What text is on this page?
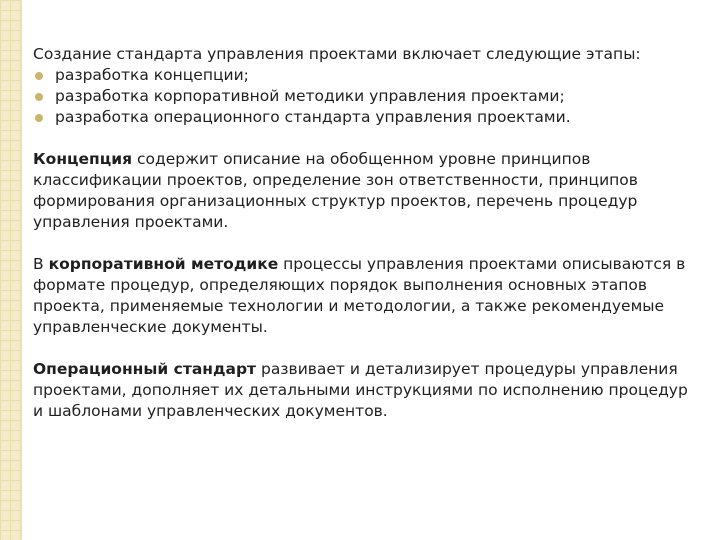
Создание стандарта управления проектами включает следующие этапы:

разработка концепции;
разработка корпоративной методики управления проектами;
разработка операционного стандарта управления проектами.

Концепция содержит описание на обобщенном уровне принципов классификации проектов, определение зон ответственности, принципов формирования организационных структур проектов, перечень процедур управления проектами.

В корпоративной методике процессы управления проектами описываются в формате процедур, определяющих порядок выполнения основных этапов проекта, применяемые технологии и методологии, а также рекомендуемые управленческие документы.

Операционный стандарт развивает и детализирует процедуры управления проектами, дополняет их детальными инструкциями по исполнению процедур и шаблонами управленческих документов.
